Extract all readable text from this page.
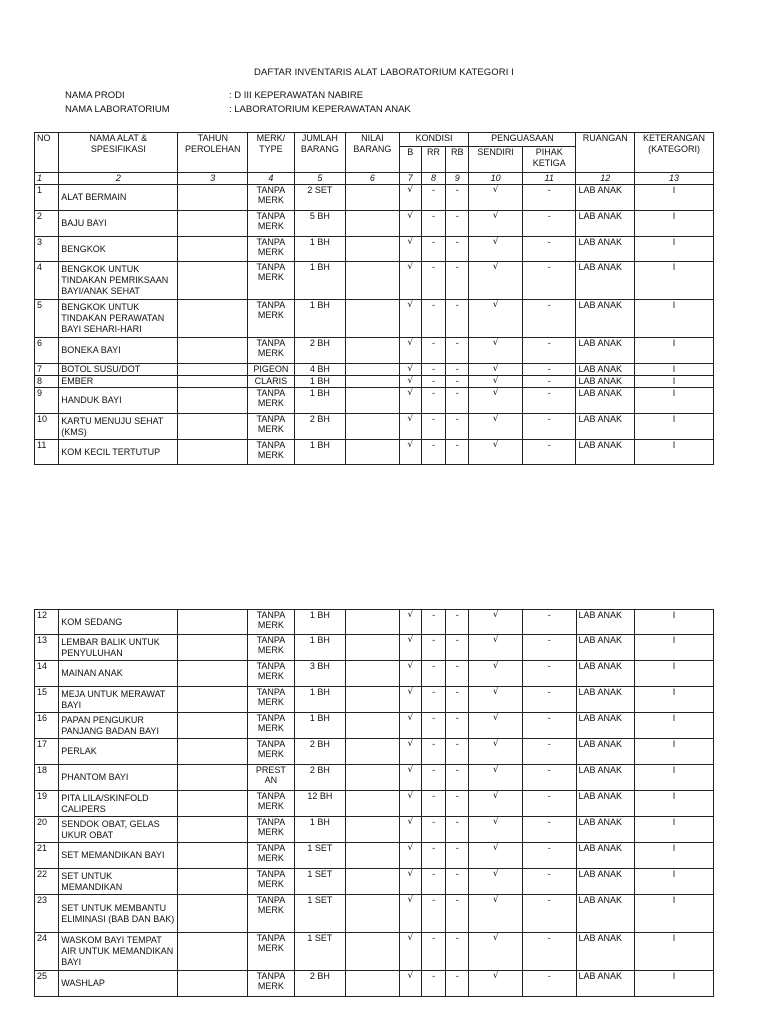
DAFTAR INVENTARIS ALAT LABORATORIUM KATEGORI I
NAMA PRODI	: D III KEPERAWATAN NABIRE
NAMA LABORATORIUM	: LABORATORIUM KEPERAWATAN ANAK
NO	NAMA ALAT & SPESIFIKASI	TAHUN PEROLEHAN	MERK/ TYPE	JUMLAH BARANG	NILAI BARANG	KONDISI			PENGUASAAN		RUANGAN	KETERANGAN (KATEGORI)
						B	RR	RB	SENDIRI	PIHAK KETIGA		
1	2	3	4	5	6	7	8	9	10	11	12	13
1	ALAT BERMAIN		TANPA MERK	2 SET		√	-	-	√	-	LAB ANAK	I
2	BAJU BAYI		TANPA MERK	5 BH		√	-	-	√	-	LAB ANAK	I
3	BENGKOK		TANPA MERK	1 BH		√	-	-	√	-	LAB ANAK	I
4	BENGKOK UNTUK TINDAKAN PEMRIKSAAN BAYI/ANAK SEHAT		TANPA MERK	1 BH		√	-	-	√	-	LAB ANAK	I
5	BENGKOK UNTUK TINDAKAN PERAWATAN BAYI SEHARI-HARI		TANPA MERK	1 BH		√	-	-	√	-	LAB ANAK	I
6	BONEKA BAYI		TANPA MERK	2 BH		√	-	-	√	-	LAB ANAK	I
7	BOTOL SUSU/DOT		PIGEON	4 BH		√	-	-	√	-	LAB ANAK	I
8	EMBER		CLARIS	1 BH		√	-	-	√	-	LAB ANAK	I
9	HANDUK BAYI		TANPA MERK	1 BH		√	-	-	√	-	LAB ANAK	I
10	KARTU MENUJU SEHAT (KMS)		TANPA MERK	2 BH		√	-	-	√	-	LAB ANAK	I
11	KOM KECIL TERTUTUP		TANPA MERK	1 BH		√	-	-	√	-	LAB ANAK	I
12	KOM SEDANG		TANPA MERK	1 BH		√	-	-	√	-	LAB ANAK	I
13	LEMBAR BALIK UNTUK PENYULUHAN		TANPA MERK	1 BH		√	-	-	√	-	LAB ANAK	I
14	MAINAN ANAK		TANPA MERK	3 BH		√	-	-	√	-	LAB ANAK	I
15	MEJA UNTUK MERAWAT BAYI		TANPA MERK	1 BH		√	-	-	√	-	LAB ANAK	I
16	PAPAN PENGUKUR PANJANG BADAN BAYI		TANPA MERK	1 BH		√	-	-	√	-	LAB ANAK	I
17	PERLAK		TANPA MERK	2 BH		√	-	-	√	-	LAB ANAK	I
18	PHANTOM BAYI		PREST AN	2 BH		√	-	-	√	-	LAB ANAK	I
19	PITA LILA/SKINFOLD CALIPERS		TANPA MERK	12 BH		√	-	-	√	-	LAB ANAK	I
20	SENDOK OBAT, GELAS UKUR OBAT		TANPA MERK	1 BH		√	-	-	√	-	LAB ANAK	I
21	SET MEMANDIKAN BAYI		TANPA MERK	1 SET		√	-	-	√	-	LAB ANAK	I
22	SET UNTUK MEMANDIKAN		TANPA MERK	1 SET		√	-	-	√	-	LAB ANAK	I
23	SET UNTUK MEMBANTU ELIMINASI (BAB DAN BAK)		TANPA MERK	1 SET		√	-	-	√	-	LAB ANAK	I
24	WASKOM BAYI TEMPAT AIR UNTUK MEMANDIKAN BAYI		TANPA MERK	1 SET		√	-	-	√	-	LAB ANAK	I
25	WASHLAP		TANPA MERK	2 BH		√	-	-	√	-	LAB ANAK	I
